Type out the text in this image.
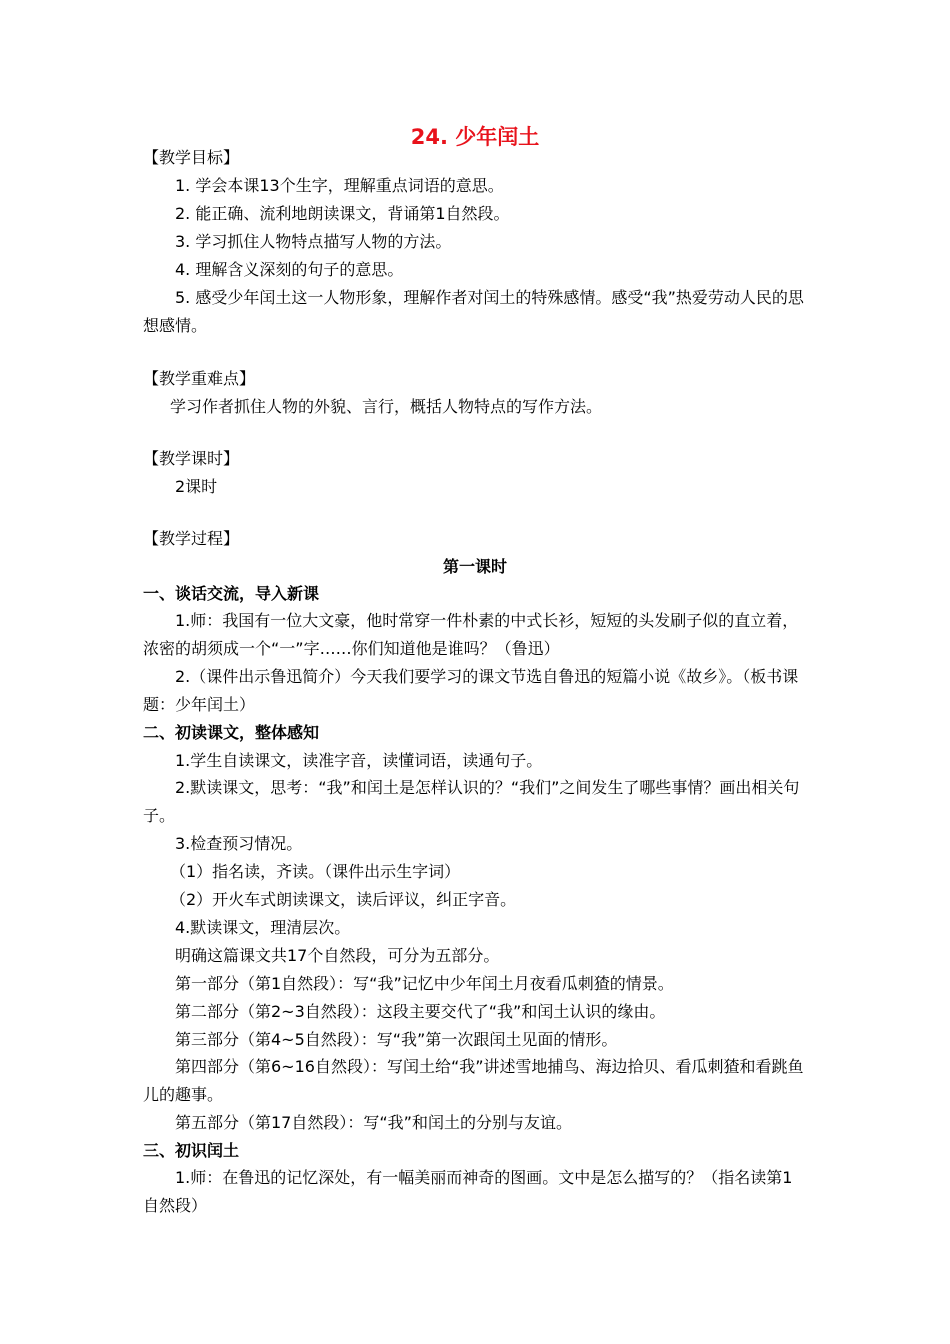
24. 少年闰土
【教学目标】
1. 学会本课13个生字，理解重点词语的意思。
2. 能正确、流利地朗读课文，背诵第1自然段。
3. 学习抓住人物特点描写人物的方法。
4. 理解含义深刻的句子的意思。
5. 感受少年闰土这一人物形象，理解作者对闰土的特殊感情。感受“我”热爱劳动人民的思想感情。
【教学重难点】
学习作者抓住人物的外貌、言行，概括人物特点的写作方法。
【教学课时】
2课时
【教学过程】
第一课时
一、谈话交流，导入新课
1.师：我国有一位大文豪，他时常穿一件朴素的中式长衫，短短的头发刷子似的直立着，浓密的胡须成一个“一”字……你们知道他是谁吗？（鲁迅）
2.（课件出示鲁迅简介）今天我们要学习的课文节选自鲁迅的短篇小说《故乡》。（板书课题：少年闰土）
二、初读课文，整体感知
1.学生自读课文，读准字音，读懂词语，读通句子。
2.默读课文，思考：“我”和闰土是怎样认识的？“我们”之间发生了哪些事情？画出相关句子。
3.检查预习情况。
（1）指名读，齐读。（课件出示生字词）
（2）开火车式朗读课文，读后评议，纠正字音。
4.默读课文，理清层次。
明确这篇课文共17个自然段，可分为五部分。
第一部分（第1自然段）：写“我”记忆中少年闰土月夜看瓜刺猹的情景。
第二部分（第2~3自然段）：这段主要交代了“我”和闰土认识的缘由。
第三部分（第4~5自然段）：写“我”第一次跟闰土见面的情形。
第四部分（第6~16自然段）：写闰土给“我”讲述雪地捕鸟、海边拾贝、看瓜刺猹和看跳鱼儿的趣事。
第五部分（第17自然段）：写“我”和闰土的分别与友谊。
三、初识闰土
1.师：在鲁迅的记忆深处，有一幅美丽而神奇的图画。文中是怎么描写的？（指名读第1自然段）
